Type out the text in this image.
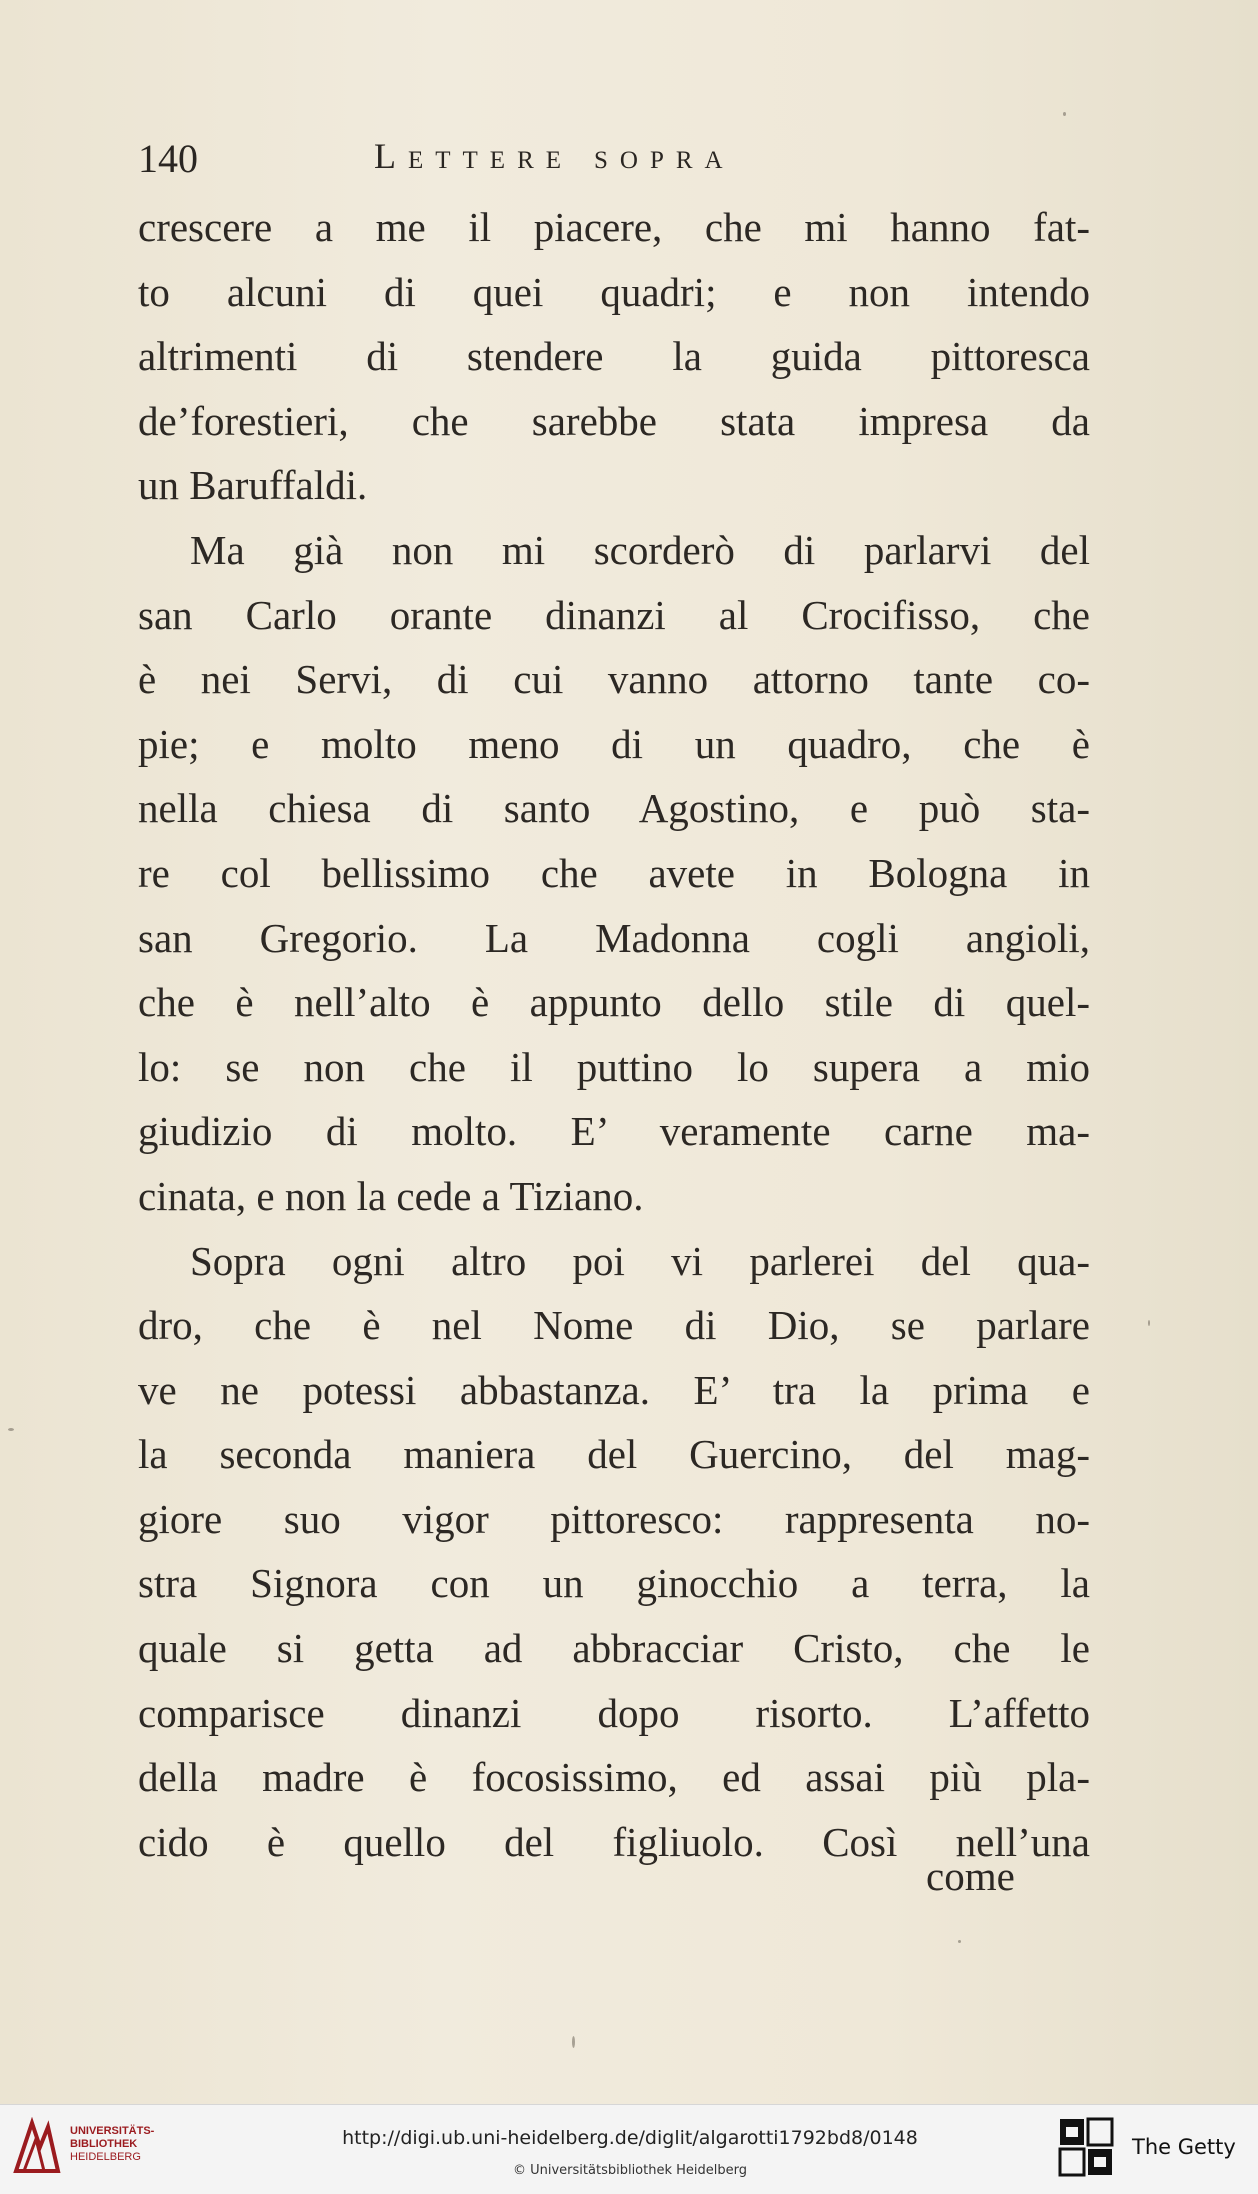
140	Lettere sopra
crescere a me il piacere, che mi hanno fat-
to alcuni di quei quadri; e non intendo
altrimenti di stendere la guida pittoresca
de’forestieri, che sarebbe stata impresa da
un Baruffaldi.
Ma già non mi scorderò di parlarvi del
san Carlo orante dinanzi al Crocifisso, che
è nei Servi, di cui vanno attorno tante co-
pie; e molto meno di un quadro, che è
nella chiesa di santo Agostino, e può sta-
re col bellissimo che avete in Bologna in
san Gregorio. La Madonna cogli angioli,
che è nell’alto è appunto dello stile di quel-
lo: se non che il puttino lo supera a mio
giudizio di molto. E’ veramente carne ma-
cinata, e non la cede a Tiziano.
Sopra ogni altro poi vi parlerei del qua-
dro, che è nel Nome di Dio, se parlare
ve ne potessi abbastanza. E’ tra la prima e
la seconda maniera del Guercino, del mag-
giore suo vigor pittoresco: rappresenta no-
stra Signora con un ginocchio a terra, la
quale si getta ad abbracciar Cristo, che le
comparisce dinanzi dopo risorto. L’affetto
della madre è focosissimo, ed assai più pla-
cido è quello del figliuolo. Così nell’una
come
UNIVERSITÄTS-
BIBLIOTHEK
HEIDELBERG
http://digi.ub.uni-heidelberg.de/diglit/algarotti1792bd8/0148
© Universitätsbibliothek Heidelberg
The Getty
